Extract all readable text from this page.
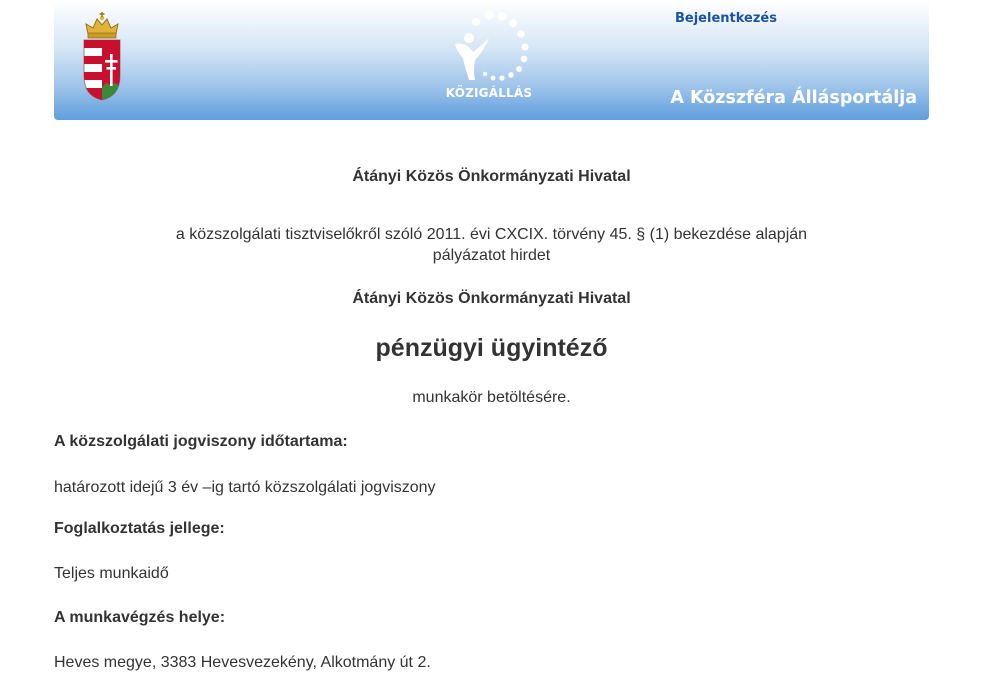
KÖZIGÁLLÁS
Bejelentkezés
A Közszféra Állásportálja
Átányi Közös Önkormányzati Hivatal
a közszolgálati tisztviselőkről szóló 2011. évi CXCIX. törvény 45. § (1) bekezdése alapján
pályázatot hirdet
Átányi Közös Önkormányzati Hivatal
pénzügyi ügyintéző
munkakör betöltésére.
A közszolgálati jogviszony időtartama:
határozott idejű 3 év –ig tartó közszolgálati jogviszony
Foglalkoztatás jellege:
Teljes munkaidő
A munkavégzés helye:
Heves megye, 3383 Hevesvezekény, Alkotmány út 2.
